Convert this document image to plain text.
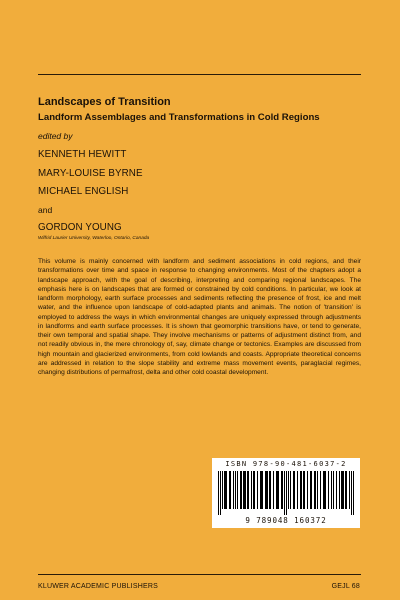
Landscapes of Transition
Landform Assemblages and Transformations in Cold Regions
edited by
KENNETH HEWITT
MARY-LOUISE BYRNE
MICHAEL ENGLISH
and
GORDON YOUNG
Wilfrid Laurier University, Waterloo, Ontario, Canada

This volume is mainly concerned with landform and sediment associations in cold regions, and their transformations over time and space in response to changing environments. Most of the chapters adopt a landscape approach, with the goal of describing, interpreting and comparing regional landscapes. The emphasis here is on landscapes that are formed or constrained by cold conditions. In particular, we look at landform morphology, earth surface processes and sediments reflecting the presence of frost, ice and melt water, and the influence upon landscape of cold-adapted plants and animals. The notion of 'transition' is employed to address the ways in which environmental changes are uniquely expressed through adjustments in landforms and earth surface processes. It is shown that geomorphic transitions have, or tend to generate, their own temporal and spatial shape. They involve mechanisms or patterns of adjustment distinct from, and not readily obvious in, the mere chronology of, say, climate change or tectonics. Examples are discussed from high mountain and glacierized environments, from cold lowlands and coasts. Appropriate theoretical concerns are addressed in relation to the slope stability and extreme mass movement events, paraglacial regimes, changing distributions of permafrost, delta and other cold coastal development.

ISBN 978-90-481-6037-2
9 789048 160372
KLUWER ACADEMIC PUBLISHERS	GEJL 68
